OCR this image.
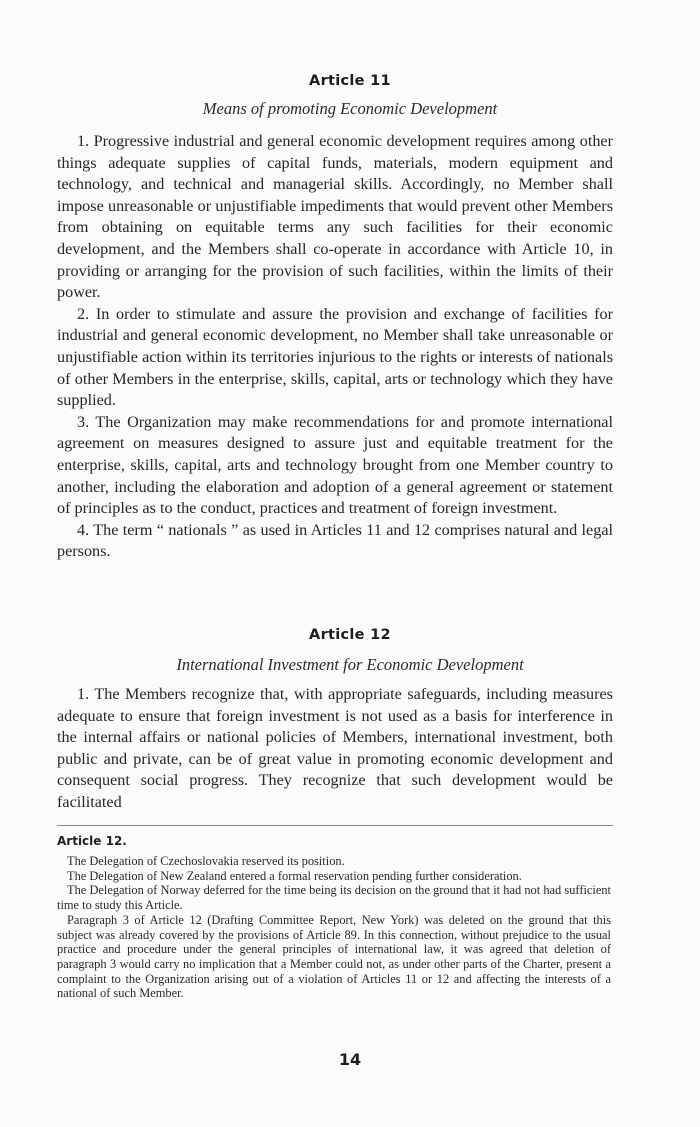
Article 11
Means of promoting Economic Development

1. Progressive industrial and general economic development requires among other things adequate supplies of capital funds, materials, modern equipment and technology, and technical and managerial skills. Accordingly, no Member shall impose unreasonable or unjustifiable impediments that would prevent other Members from obtaining on equitable terms any such facilities for their economic development, and the Members shall co-operate in accordance with Article 10, in providing or arranging for the provision of such facilities, within the limits of their power.

2. In order to stimulate and assure the provision and exchange of facilities for industrial and general economic development, no Member shall take unreasonable or unjustifiable action within its territories injurious to the rights or interests of nationals of other Members in the enterprise, skills, capital, arts or technology which they have supplied.

3. The Organization may make recommendations for and promote international agreement on measures designed to assure just and equitable treatment for the enterprise, skills, capital, arts and technology brought from one Member country to another, including the elaboration and adoption of a general agreement or statement of principles as to the conduct, practices and treatment of foreign investment.

4. The term “ nationals ” as used in Articles 11 and 12 comprises natural and legal persons.

Article 12
International Investment for Economic Development

1. The Members recognize that, with appropriate safeguards, including measures adequate to ensure that foreign investment is not used as a basis for interference in the internal affairs or national policies of Members, international investment, both public and private, can be of great value in promoting economic development and consequent social progress. They recognize that such development would be facilitated

Article 12.

The Delegation of Czechoslovakia reserved its position.

The Delegation of New Zealand entered a formal reservation pending further consideration.

The Delegation of Norway deferred for the time being its decision on the ground that it had not had sufficient time to study this Article.

Paragraph 3 of Article 12 (Drafting Committee Report, New York) was deleted on the ground that this subject was already covered by the provisions of Article 89. In this connection, without prejudice to the usual practice and procedure under the general principles of international law, it was agreed that deletion of paragraph 3 would carry no implication that a Member could not, as under other parts of the Charter, present a complaint to the Organization arising out of a violation of Articles 11 or 12 and affecting the interests of a national of such Member.

14
